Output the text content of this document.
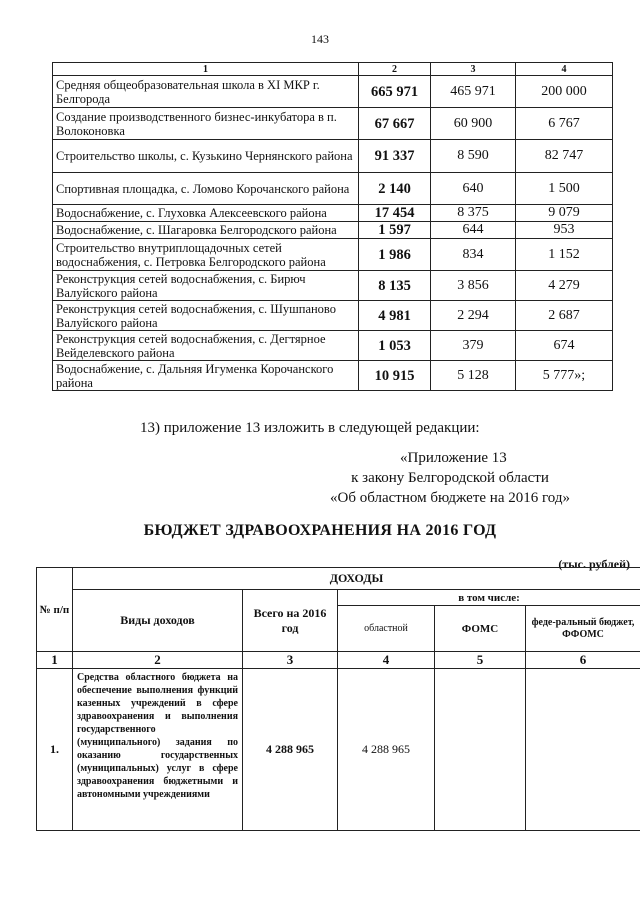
143
1	2	3	4
Средняя общеобразовательная школа в XI МКР г. Белгорода	665 971	465 971	200 000
Создание производственного бизнес-инкубатора в п. Волоконовка	67 667	60 900	6 767
Строительство школы, с. Кузькино Чернянского района	91 337	8 590	82 747
Спортивная площадка, с. Ломово Корочанского района	2 140	640	1 500
Водоснабжение, с. Глуховка Алексеевского района	17 454	8 375	9 079
Водоснабжение, с. Шагаровка Белгородского района	1 597	644	953
Строительство внутриплощадочных сетей водоснабжения, с. Петровка Белгородского района	1 986	834	1 152
Реконструкция сетей водоснабжения, с. Бирюч Валуйского района	8 135	3 856	4 279
Реконструкция сетей водоснабжения, с. Шушпаново Валуйского района	4 981	2 294	2 687
Реконструкция сетей водоснабжения, с. Дегтярное Вейделевского района	1 053	379	674
Водоснабжение, с. Дальняя Игуменка Корочанского района	10 915	5 128	5 777»;
13) приложение 13 изложить в следующей редакции:
«Приложение 13
к закону Белгородской области
«Об областном бюджете на 2016 год»
БЮДЖЕТ ЗДРАВООХРАНЕНИЯ НА 2016 ГОД
(тыс. рублей)
№ п/п	ДОХОДЫ				
	Виды доходов	Всего на 2016 год	в том числе:		
			областной	ФОМС	феде-ральный бюджет, ФФОМС
1	2	3	4	5	6
1.	Средства областного бюджета на обеспечение выполнения функций казенных учреждений в сфере здравоохранения и выполнения государственного (муниципального) задания по оказанию государственных (муниципальных) услуг в сфере здравоохранения бюджетными и автономными учреждениями	4 288 965	4 288 965		
